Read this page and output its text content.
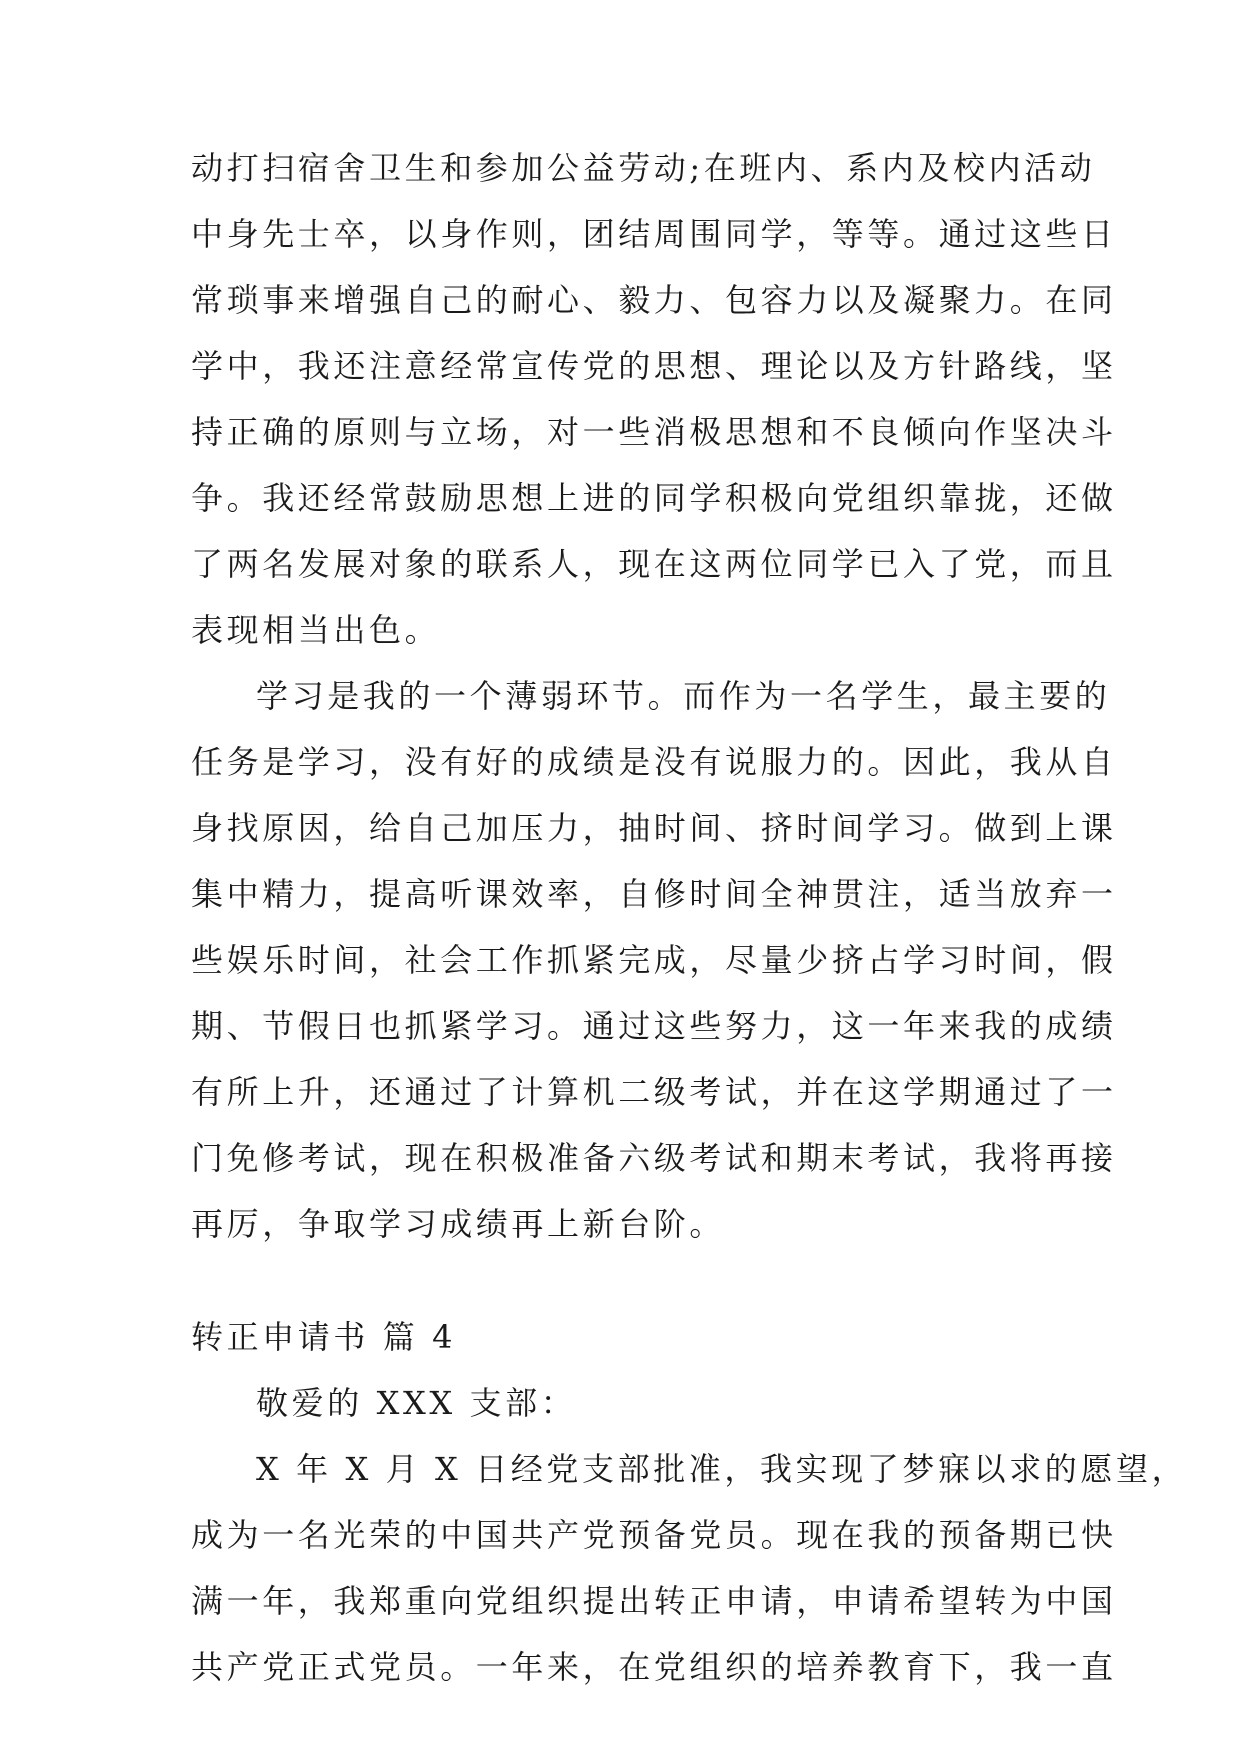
动打扫宿舍卫生和参加公益劳动;在班内、系内及校内活动
中身先士卒，以身作则，团结周围同学，等等。通过这些日
常琐事来增强自己的耐心、毅力、包容力以及凝聚力。在同
学中，我还注意经常宣传党的思想、理论以及方针路线，坚
持正确的原则与立场，对一些消极思想和不良倾向作坚决斗
争。我还经常鼓励思想上进的同学积极向党组织靠拢，还做
了两名发展对象的联系人，现在这两位同学已入了党，而且
表现相当出色。
学习是我的一个薄弱环节。而作为一名学生，最主要的
任务是学习，没有好的成绩是没有说服力的。因此，我从自
身找原因，给自己加压力，抽时间、挤时间学习。做到上课
集中精力，提高听课效率，自修时间全神贯注，适当放弃一
些娱乐时间，社会工作抓紧完成，尽量少挤占学习时间，假
期、节假日也抓紧学习。通过这些努力，这一年来我的成绩
有所上升，还通过了计算机二级考试，并在这学期通过了一
门免修考试，现在积极准备六级考试和期末考试，我将再接
再厉，争取学习成绩再上新台阶。
转正申请书 篇 4
敬爱的 XXX 支部：
X 年 X 月 X 日经党支部批准，我实现了梦寐以求的愿望，
成为一名光荣的中国共产党预备党员。现在我的预备期已快
满一年，我郑重向党组织提出转正申请，申请希望转为中国
共产党正式党员。一年来，在党组织的培养教育下，我一直
